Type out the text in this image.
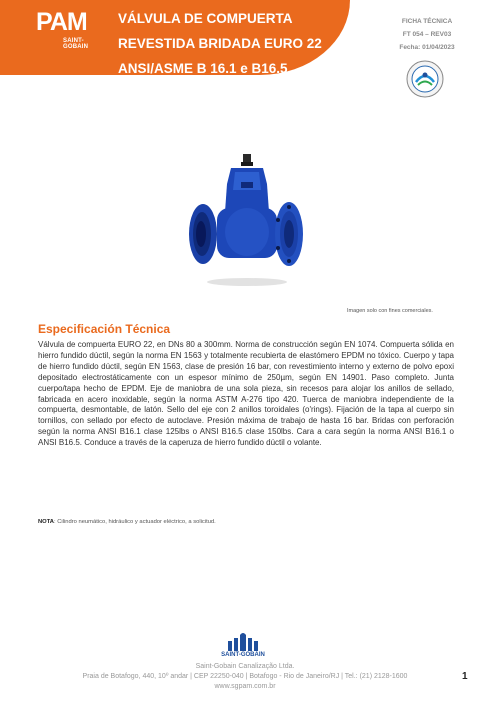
PAM
SAINT-GOBAIN
VÁLVULA DE COMPUERTA
REVESTIDA BRIDADA EURO 22
ANSI/ASME B 16.1 e B16.5
DN 80 a 300
FICHA TÉCNICA
FT 054 – REV03
Fecha: 01/04/2023
Imagen solo con fines comerciales.
Especificación Técnica
Válvula de compuerta EURO 22, en DNs 80 a 300mm. Norma de construcción según EN 1074. Compuerta sólida en hierro fundido dúctil, según la norma EN 1563 y totalmente recubierta de elastómero EPDM no tóxico. Cuerpo y tapa de hierro fundido dúctil, según EN 1563, clase de presión 16 bar, con revestimiento interno y externo de polvo epoxi depositado electrostáticamente con un espesor mínimo de 250µm, según EN 14901. Paso completo. Junta cuerpo/tapa hecho de EPDM. Eje de maniobra de una sola pieza, sin recesos para alojar los anillos de sellado, fabricada en acero inoxidable, según la norma ASTM A-276 tipo 420. Tuerca de maniobra independiente de la compuerta, desmontable, de latón. Sello del eje con 2 anillos toroidales (o'rings). Fijación de la tapa al cuerpo sin tornillos, con sellado por efecto de autoclave. Presión máxima de trabajo de hasta 16 bar. Bridas con perforación según la norma ANSI B16.1 clase 125lbs o ANSI B16.5 clase 150lbs. Cara a cara según la norma ANSI B16.1 o ANSI B16.5. Conduce a través de la caperuza de hierro fundido dúctil o volante.
NOTA: Cilindro neumático, hidráulico y actuador eléctrico, a solicitud.
SAINT-GOBAIN
Saint-Gobain Canalização Ltda.
Praia de Botafogo, 440, 10º andar | CEP 22250-040 | Botafogo - Rio de Janeiro/RJ | Tel.: (21) 2128-1600
www.sgpam.com.br
1
